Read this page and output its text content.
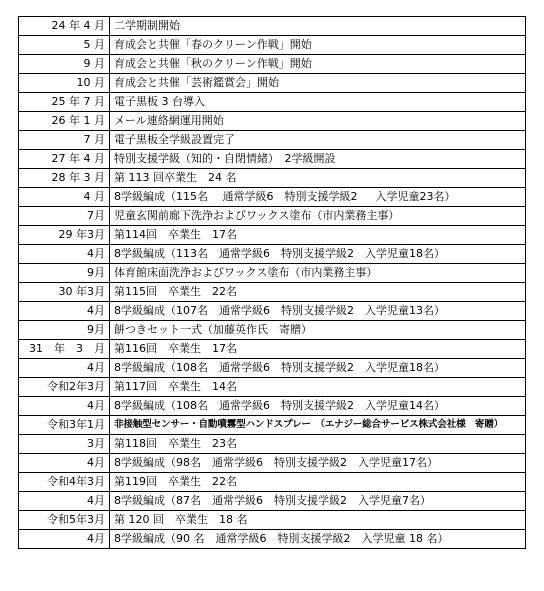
24 年 4 月	二学期制開始
5 月	育成会と共催「春のクリーン作戦」開始
9 月	育成会と共催「秋のクリーン作戦」開始
10 月	育成会と共催「芸術鑑賞会」開始
25 年 7 月	電子黒板 3 台導入
26 年 1 月	メール連絡網運用開始
7 月	電子黒板全学級設置完了
27 年 4 月	特別支援学級（知的・自閉情緒）　2学級開設
28 年 3 月	第 113 回卒業生　24 名
4 月	8学級編成（115名　 通常学級6　特別支援学級2 　 入学児童23名）
7月	児童玄関前廊下洗浄およびワックス塗布（市内業務主事）
29 年3月	第114回　卒業生　17名
4月	8学級編成（113名　通常学級6　特別支援学級2　入学児童18名）
9月	体育館床面洗浄およびワックス塗布（市内業務主事）
30 年3月	第115回　卒業生　22名
4月	8学級編成（107名　通常学級6　特別支援学級2　入学児童13名）
9月	餅つきセット一式（加藤英作氏　寄贈）
31　年　3　月	第116回　卒業生　17名
4月	8学級編成（108名　通常学級6　特別支援学級2　入学児童18名）
令和2年3月	第117回　卒業生　14名
4月	8学級編成（108名　通常学級6　特別支援学級2　入学児童14名）
令和3年1月	非接触型センサー・自動噴霧型ハンドスプレー　（エナジー総合サービス株式会社様　寄贈）
3月	第118回　卒業生　23名
4月	8学級編成（98名　通常学級6　特別支援学級2　入学児童17名）
令和4年3月	第119回　卒業生　22名
4月	8学級編成（87名　通常学級6　特別支援学級2　入学児童7名）
令和5年3月	第 120 回　卒業生　18 名
4月	8学級編成（90 名　通常学級6　特別支援学級2　入学児童 18 名）
